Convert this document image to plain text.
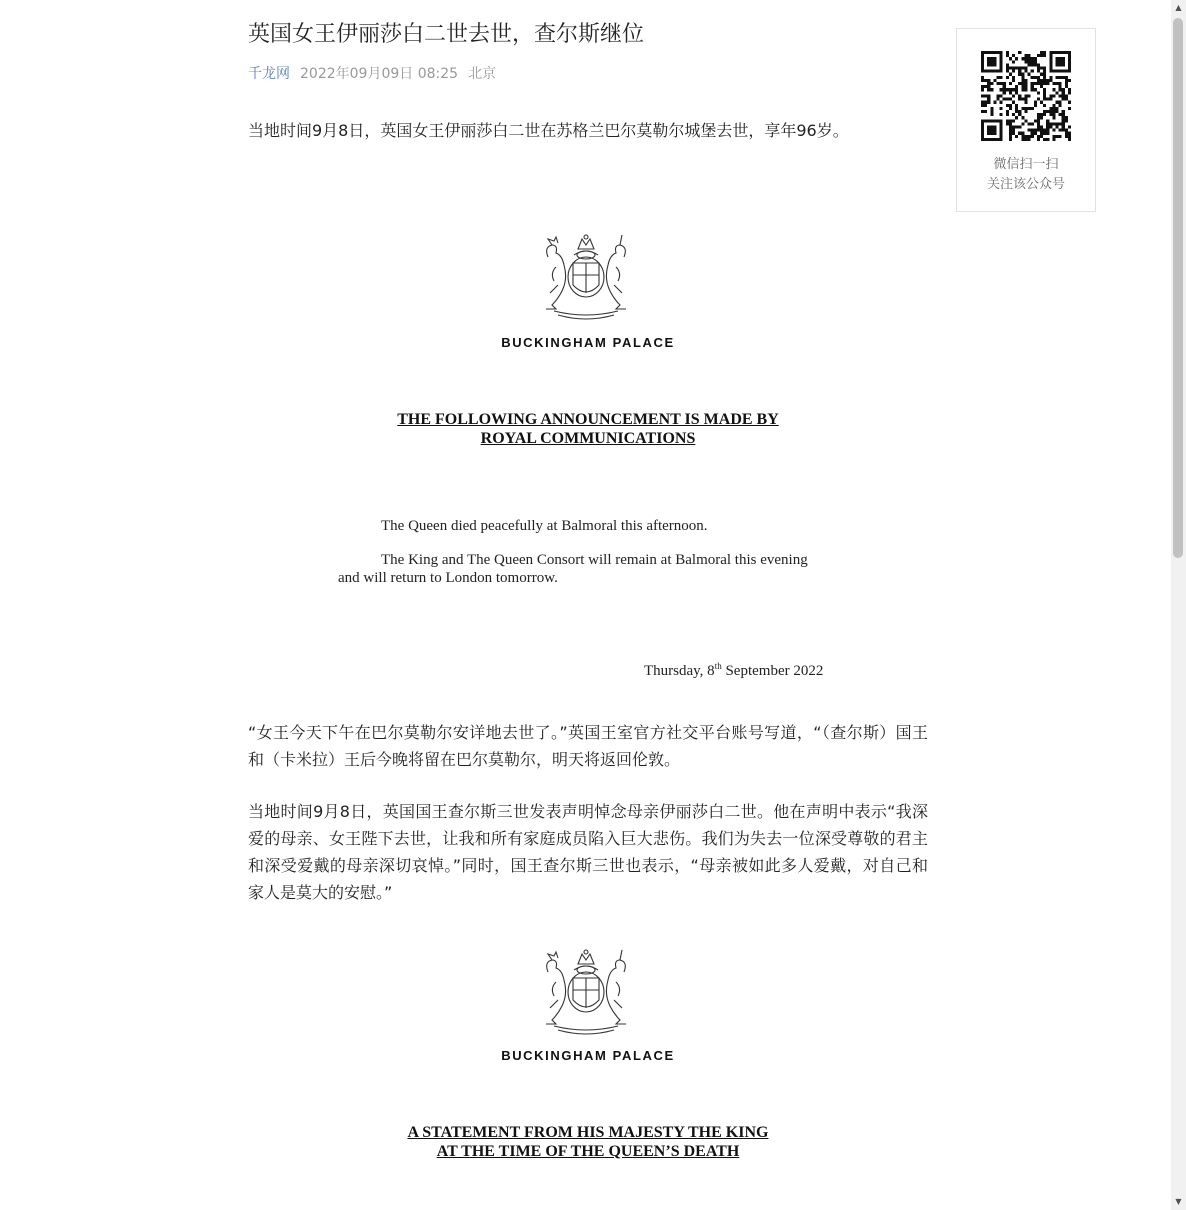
英国女王伊丽莎白二世去世，查尔斯继位
千龙网 2022年09月09日 08:25 北京
当地时间9月8日，英国女王伊丽莎白二世在苏格兰巴尔莫勒尔城堡去世，享年96岁。
“女王今天下午在巴尔莫勒尔安详地去世了。”英国王室官方社交平台账号写道，“（查尔斯）国王和（卡米拉）王后今晚将留在巴尔莫勒尔，明天将返回伦敦。
当地时间9月8日，英国国王查尔斯三世发表声明悼念母亲伊丽莎白二世。他在声明中表示“我深爱的母亲、女王陛下去世，让我和所有家庭成员陷入巨大悲伤。我们为失去一位深受尊敬的君主和深受爱戴的母亲深切哀悼。”同时，国王查尔斯三世也表示，“母亲被如此多人爱戴，对自己和家人是莫大的安慰。”
BUCKINGHAM PALACE
THE FOLLOWING ANNOUNCEMENT IS MADE BY
ROYAL COMMUNICATIONS
The Queen died peacefully at Balmoral this afternoon.
The King and The Queen Consort will remain at Balmoral this evening
and will return to London tomorrow.
Thursday, 8th September 2022
BUCKINGHAM PALACE
A STATEMENT FROM HIS MAJESTY THE KING
AT THE TIME OF THE QUEEN’S DEATH
微信扫一扫
关注该公众号
▲
▼
